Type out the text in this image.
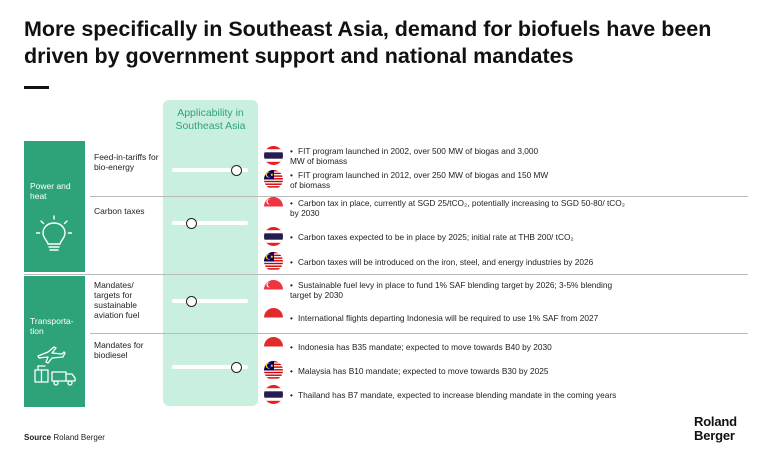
More specifically in Southeast Asia, demand for biofuels have been driven by government support and national mandates
Applicability in Southeast Asia
Power and heat
Transporta-tion
Feed-in-tariffs for bio-energy
Carbon taxes
Mandates/ targets for sustainable aviation fuel
Mandates for biodiesel
• FIT program launched in 2002, over 500 MW of biogas and 3,000 MW of biomass
• FIT program launched in 2012, over 250 MW of biogas and 150 MW of biomass
• Carbon tax in place, currently at SGD 25/tCO₂, potentially increasing to SGD 50-80/ tCO₂ by 2030
• Carbon taxes expected to be in place by 2025; initial rate at THB 200/ tCO₂
• Carbon taxes will be introduced on the iron, steel, and energy industries by 2026
• Sustainable fuel levy in place to fund 1% SAF blending target by 2026; 3-5% blending target by 2030
• International flights departing Indonesia will be required to use 1% SAF from 2027
• Indonesia has B35 mandate; expected to move towards B40 by 2030
• Malaysia has B10 mandate; expected to move towards B30 by 2025
• Thailand has B7 mandate, expected to increase blending mandate in the coming years
Source Roland Berger
Roland
Berger
